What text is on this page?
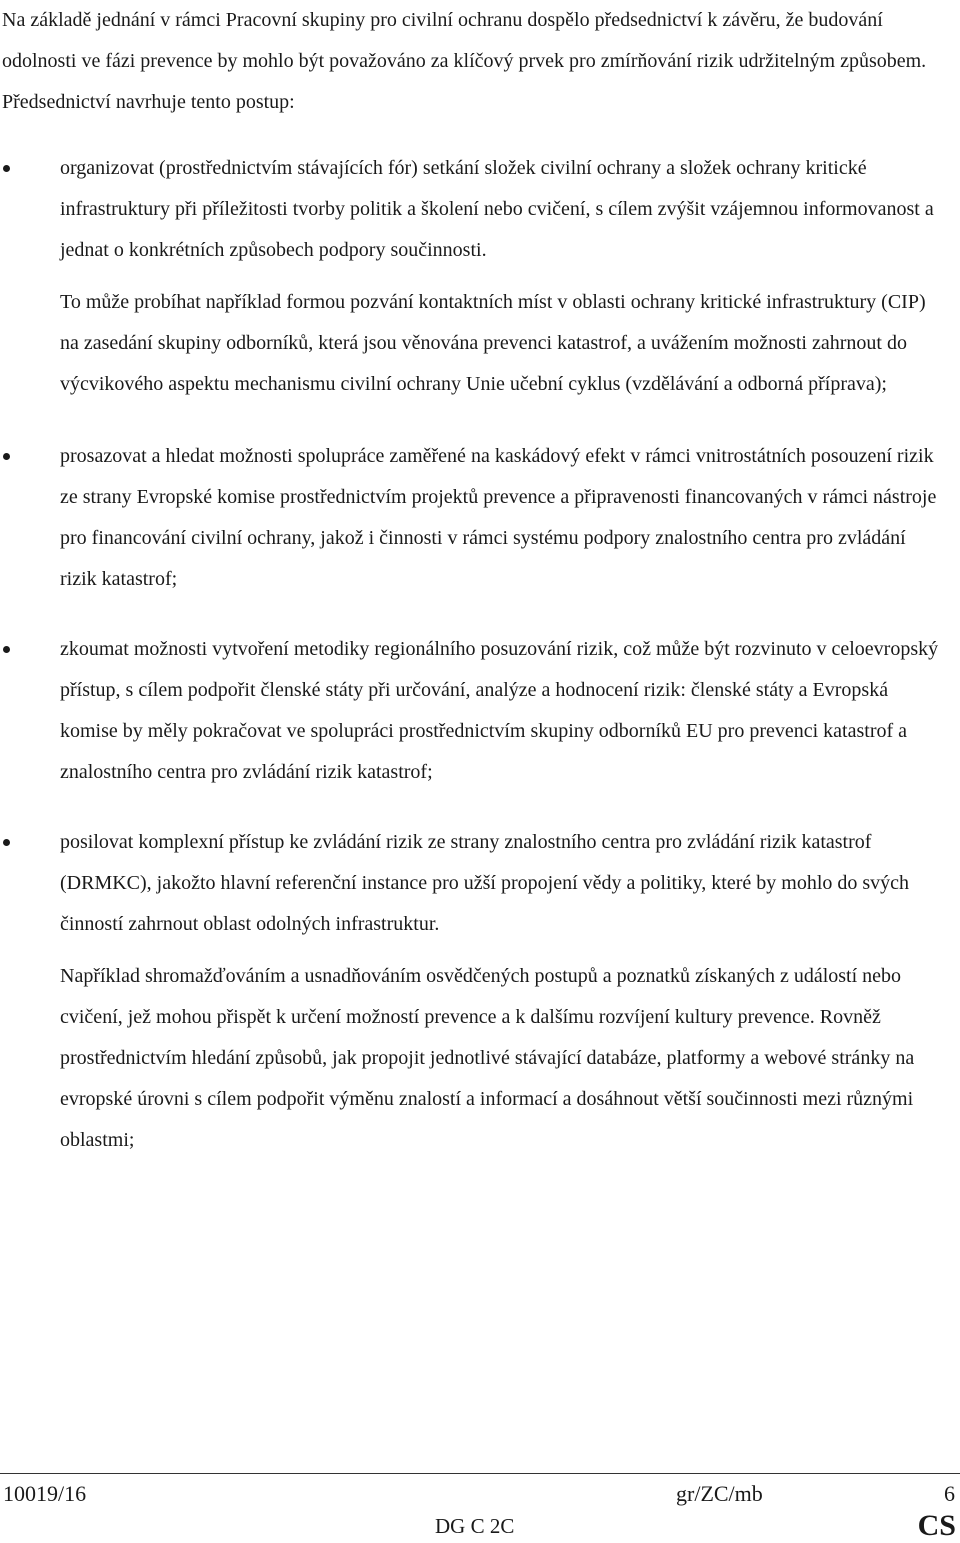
Na základě jednání v rámci Pracovní skupiny pro civilní ochranu dospělo předsednictví k závěru, že budování odolnosti ve fázi prevence by mohlo být považováno za klíčový prvek pro zmírňování rizik udržitelným způsobem. Předsednictví navrhuje tento postup:

organizovat (prostřednictvím stávajících fór) setkání složek civilní ochrany a složek ochrany kritické infrastruktury při příležitosti tvorby politik a školení nebo cvičení, s cílem zvýšit vzájemnou informovanost a jednat o konkrétních způsobech podpory součinnosti.

To může probíhat například formou pozvání kontaktních míst v oblasti ochrany kritické infrastruktury (CIP) na zasedání skupiny odborníků, která jsou věnována prevenci katastrof, a uvážením možnosti zahrnout do výcvikového aspektu mechanismu civilní ochrany Unie učební cyklus (vzdělávání a odborná příprava);

prosazovat a hledat možnosti spolupráce zaměřené na kaskádový efekt v rámci vnitrostátních posouzení rizik ze strany Evropské komise prostřednictvím projektů prevence a připravenosti financovaných v rámci nástroje pro financování civilní ochrany, jakož i činnosti v rámci systému podpory znalostního centra pro zvládání rizik katastrof;

zkoumat možnosti vytvoření metodiky regionálního posuzování rizik, což může být rozvinuto v celoevropský přístup, s cílem podpořit členské státy při určování, analýze a hodnocení rizik: členské státy a Evropská komise by měly pokračovat ve spolupráci prostřednictvím skupiny odborníků EU pro prevenci katastrof a znalostního centra pro zvládání rizik katastrof;

posilovat komplexní přístup ke zvládání rizik ze strany znalostního centra pro zvládání rizik katastrof (DRMKC), jakožto hlavní referenční instance pro užší propojení vědy a politiky, které by mohlo do svých činností zahrnout oblast odolných infrastruktur.

Například shromažďováním a usnadňováním osvědčených postupů a poznatků získaných z událostí nebo cvičení, jež mohou přispět k určení možností prevence a k dalšímu rozvíjení kultury prevence. Rovněž prostřednictvím hledání způsobů, jak propojit jednotlivé stávající databáze, platformy a webové stránky na evropské úrovni s cílem podpořit výměnu znalostí a informací a dosáhnout větší součinnosti mezi různými oblastmi;

10019/16	gr/ZC/mb	6
DG C 2C	CS
